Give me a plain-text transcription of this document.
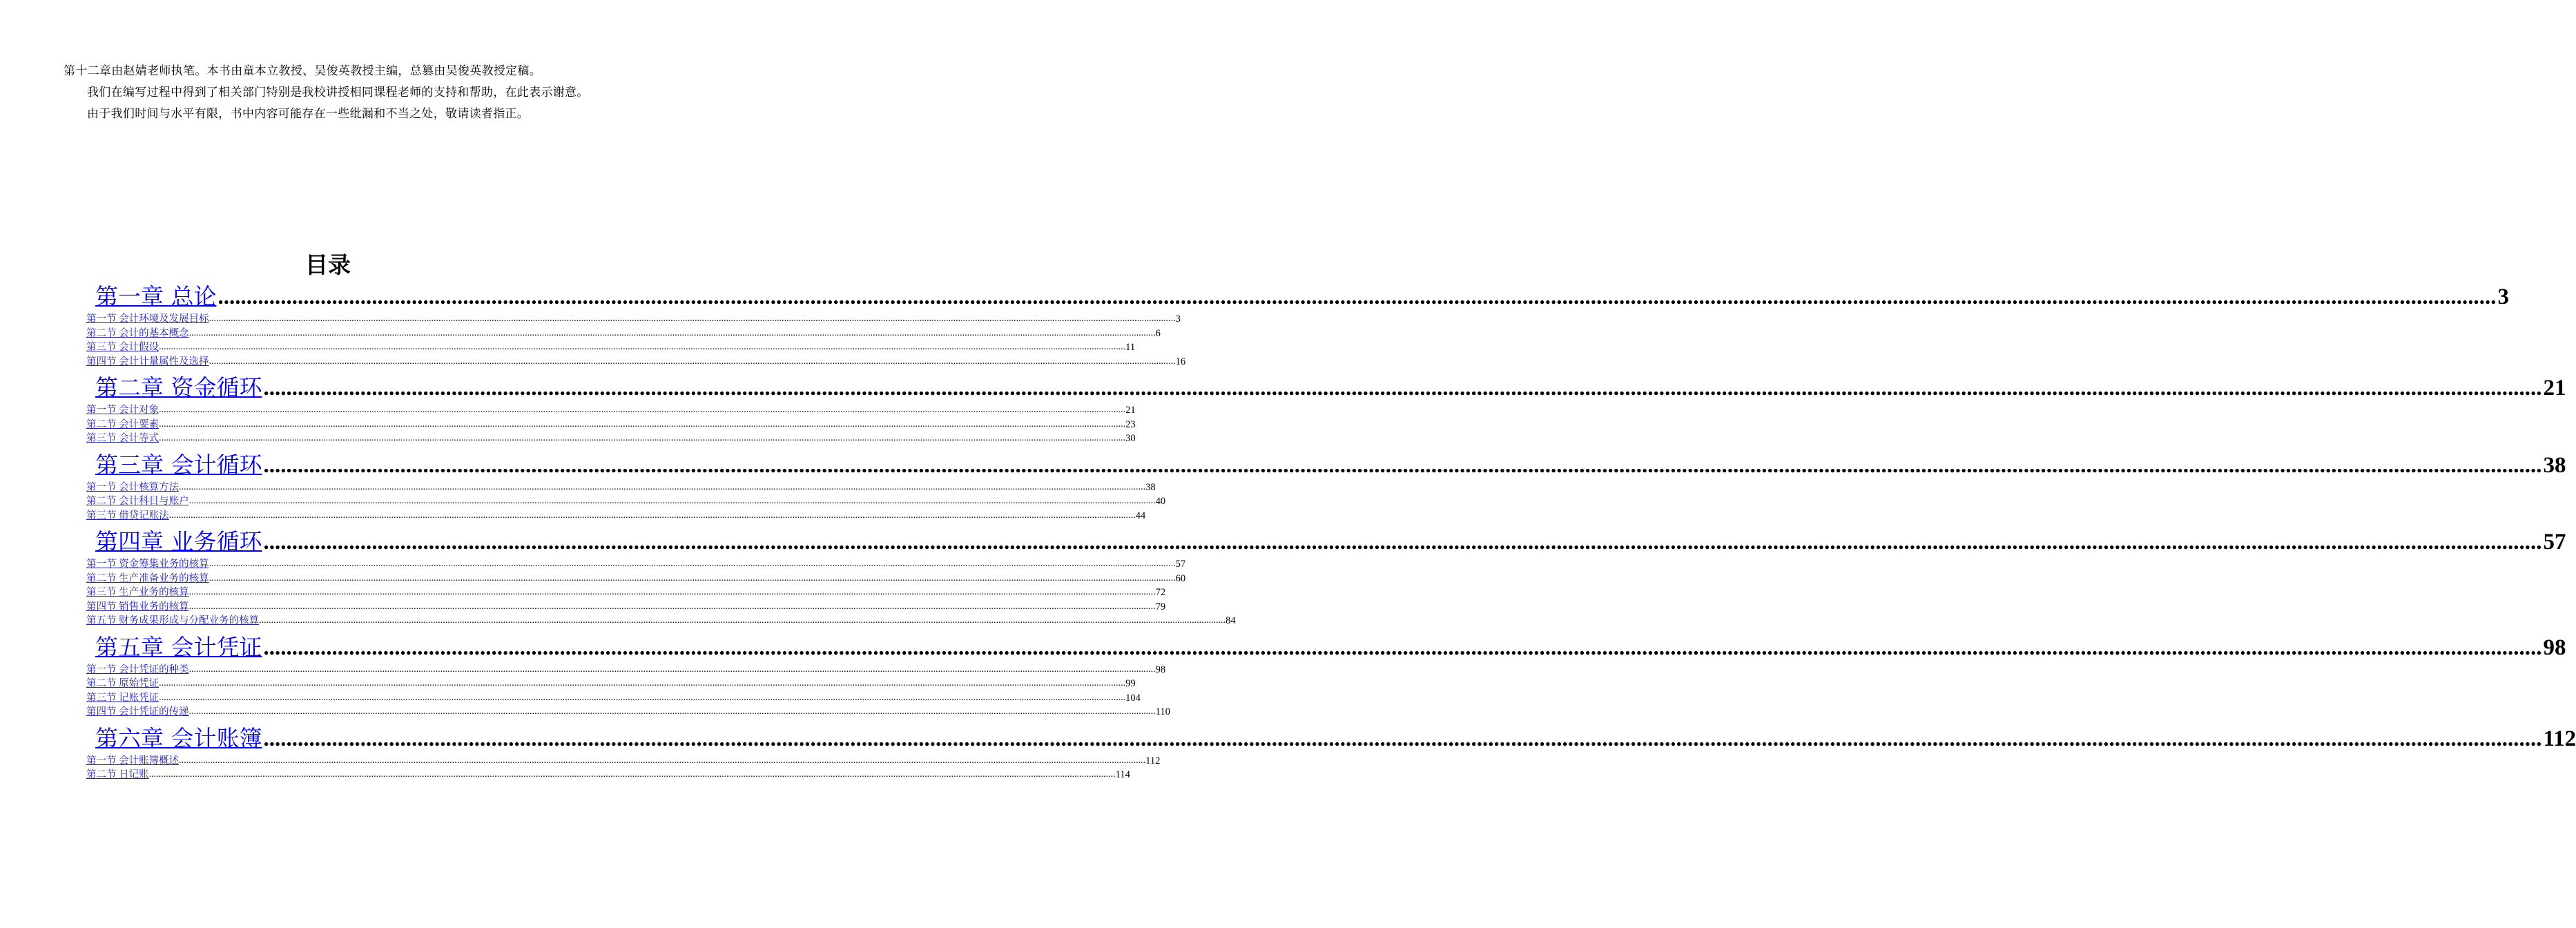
第十二章由赵婧老师执笔。本书由童本立教授、吴俊英教授主编，总篡由吴俊英教授定稿。

我们在编写过程中得到了相关部门特别是我校讲授相同课程老师的支持和帮助，在此表示谢意。

由于我们时间与水平有限，书中内容可能存在一些纰漏和不当之处，敬请读者指正。

目录
第一章 总论 ................................................................................................................................................................................................................................................................................................................................................................................................................ 3
第一节 会计环境及发展目标 ................................................................................................................................................................................................................................................................................................................................................................................................................ 3
第二节 会计的基本概念 ................................................................................................................................................................................................................................................................................................................................................................................................................ 6
第三节 会计假设 ................................................................................................................................................................................................................................................................................................................................................................................................................ 11
第四节 会计计量属性及选择 ................................................................................................................................................................................................................................................................................................................................................................................................................ 16
第二章 资金循环 ................................................................................................................................................................................................................................................................................................................................................................................................................ 21
第一节 会计对象 ................................................................................................................................................................................................................................................................................................................................................................................................................ 21
第二节 会计要素 ................................................................................................................................................................................................................................................................................................................................................................................................................ 23
第三节 会计等式 ................................................................................................................................................................................................................................................................................................................................................................................................................ 30
第三章 会计循环 ................................................................................................................................................................................................................................................................................................................................................................................................................ 38
第一节 会计核算方法 ................................................................................................................................................................................................................................................................................................................................................................................................................ 38
第二节 会计科目与账户 ................................................................................................................................................................................................................................................................................................................................................................................................................ 40
第三节 借贷记账法 ................................................................................................................................................................................................................................................................................................................................................................................................................ 44
第四章 业务循环 ................................................................................................................................................................................................................................................................................................................................................................................................................ 57
第一节 资金筹集业务的核算 ................................................................................................................................................................................................................................................................................................................................................................................................................ 57
第二节 生产准备业务的核算 ................................................................................................................................................................................................................................................................................................................................................................................................................ 60
第三节 生产业务的核算 ................................................................................................................................................................................................................................................................................................................................................................................................................ 72
第四节 销售业务的核算 ................................................................................................................................................................................................................................................................................................................................................................................................................ 79
第五节 财务成果形成与分配业务的核算 ................................................................................................................................................................................................................................................................................................................................................................................................................ 84
第五章 会计凭证 ................................................................................................................................................................................................................................................................................................................................................................................................................ 98
第一节 会计凭证的种类 ................................................................................................................................................................................................................................................................................................................................................................................................................ 98
第二节 原始凭证 ................................................................................................................................................................................................................................................................................................................................................................................................................ 99
第三节 记账凭证 ................................................................................................................................................................................................................................................................................................................................................................................................................ 104
第四节 会计凭证的传递 ................................................................................................................................................................................................................................................................................................................................................................................................................ 110
第六章 会计账簿 ................................................................................................................................................................................................................................................................................................................................................................................................................ 112
第一节 会计账簿概述 ................................................................................................................................................................................................................................................................................................................................................................................................................ 112
第二节 日记账 ................................................................................................................................................................................................................................................................................................................................................................................................................ 114
